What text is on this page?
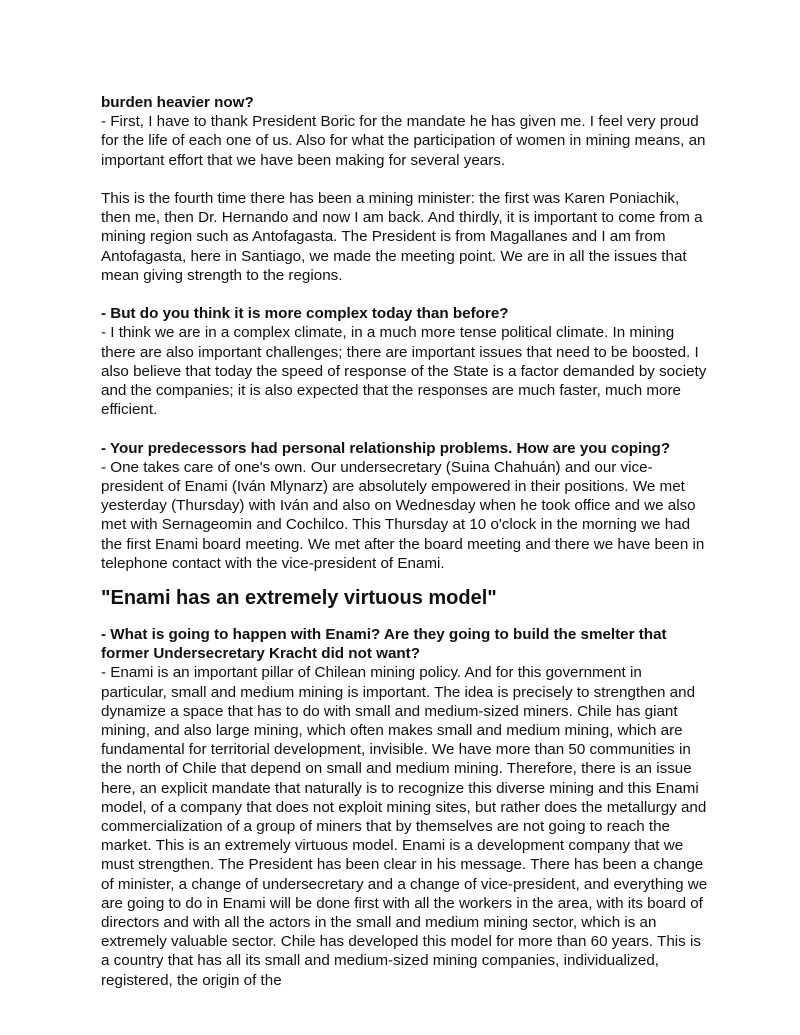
burden heavier now?

- First, I have to thank President Boric for the mandate he has given me. I feel very proud for the life of each one of us. Also for what the participation of women in mining means, an important effort that we have been making for several years.

This is the fourth time there has been a mining minister: the first was Karen Poniachik, then me, then Dr. Hernando and now I am back. And thirdly, it is important to come from a mining region such as Antofagasta. The President is from Magallanes and I am from Antofagasta, here in Santiago, we made the meeting point. We are in all the issues that mean giving strength to the regions.

- But do you think it is more complex today than before?

- I think we are in a complex climate, in a much more tense political climate. In mining there are also important challenges; there are important issues that need to be boosted. I also believe that today the speed of response of the State is a factor demanded by society and the companies; it is also expected that the responses are much faster, much more efficient.

- Your predecessors had personal relationship problems. How are you coping?

- One takes care of one's own. Our undersecretary (Suina Chahuán) and our vice-president of Enami (Iván Mlynarz) are absolutely empowered in their positions. We met yesterday (Thursday) with Iván and also on Wednesday when he took office and we also met with Sernageomin and Cochilco. This Thursday at 10 o'clock in the morning we had the first Enami board meeting. We met after the board meeting and there we have been in telephone contact with the vice-president of Enami.

"Enami has an extremely virtuous model"

- What is going to happen with Enami? Are they going to build the smelter that former Undersecretary Kracht did not want?

- Enami is an important pillar of Chilean mining policy. And for this government in particular, small and medium mining is important. The idea is precisely to strengthen and dynamize a space that has to do with small and medium-sized miners. Chile has giant mining, and also large mining, which often makes small and medium mining, which are fundamental for territorial development, invisible. We have more than 50 communities in the north of Chile that depend on small and medium mining. Therefore, there is an issue here, an explicit mandate that naturally is to recognize this diverse mining and this Enami model, of a company that does not exploit mining sites, but rather does the metallurgy and commercialization of a group of miners that by themselves are not going to reach the market. This is an extremely virtuous model. Enami is a development company that we must strengthen. The President has been clear in his message. There has been a change of minister, a change of undersecretary and a change of vice-president, and everything we are going to do in Enami will be done first with all the workers in the area, with its board of directors and with all the actors in the small and medium mining sector, which is an extremely valuable sector. Chile has developed this model for more than 60 years. This is a country that has all its small and medium-sized mining companies, individualized, registered, the origin of the
